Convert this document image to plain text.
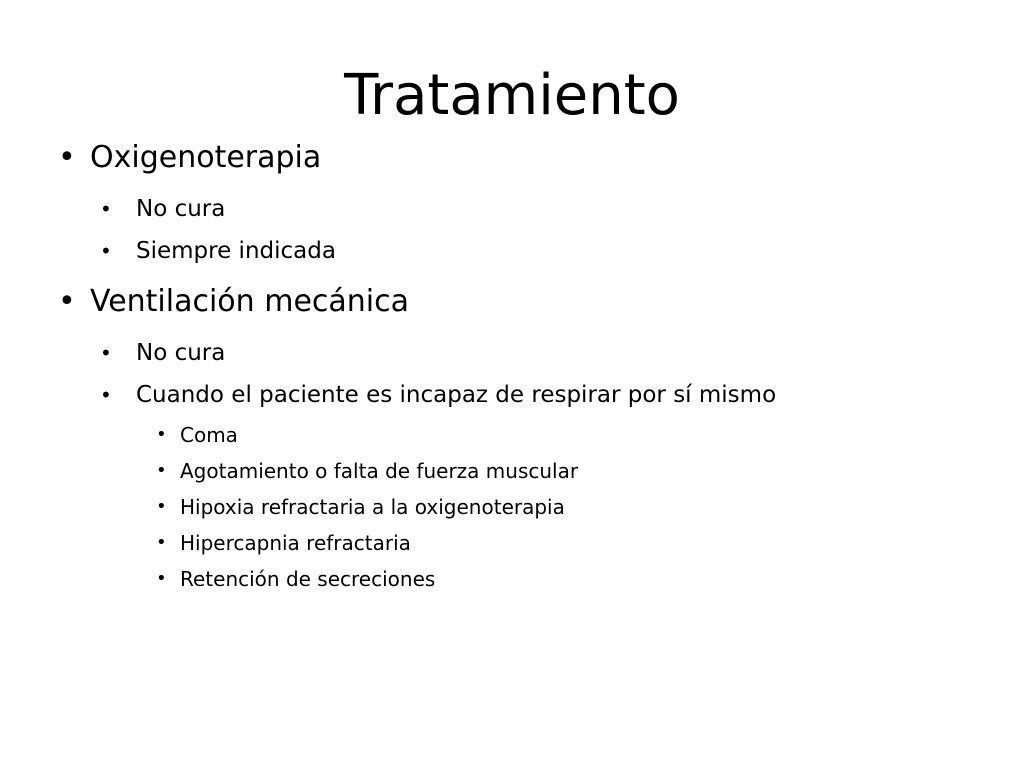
Tratamiento
• Oxigenoterapia
• No cura
• Siempre indicada
• Ventilación mecánica
• No cura
• Cuando el paciente es incapaz de respirar por sí mismo
• Coma
• Agotamiento o falta de fuerza muscular
• Hipoxia refractaria a la oxigenoterapia
• Hipercapnia refractaria
• Retención de secreciones
